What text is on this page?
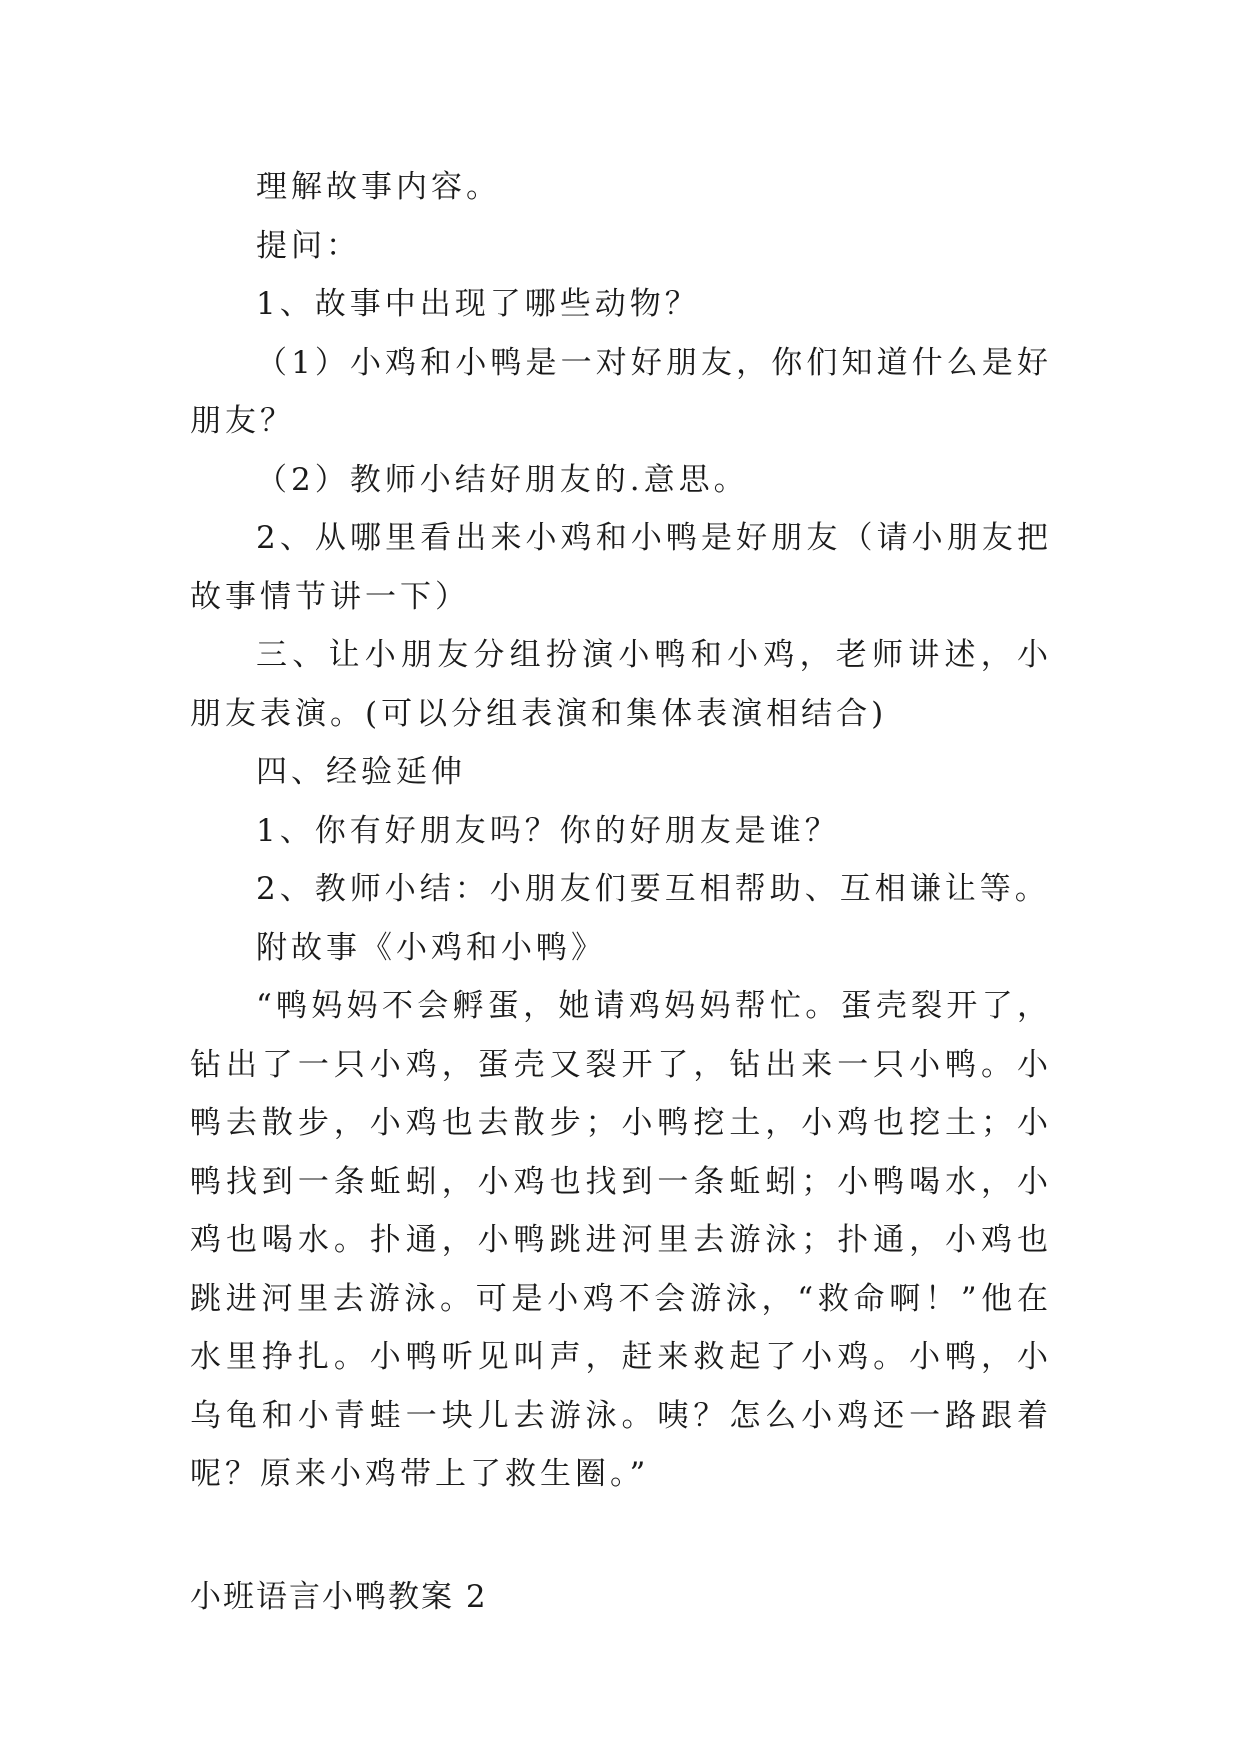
理解故事内容。

提问：

1、故事中出现了哪些动物？

（1）小鸡和小鸭是一对好朋友，你们知道什么是好朋友？

（2）教师小结好朋友的.意思。

2、从哪里看出来小鸡和小鸭是好朋友（请小朋友把故事情节讲一下）

三、让小朋友分组扮演小鸭和小鸡，老师讲述，小朋友表演。(可以分组表演和集体表演相结合)

四、经验延伸

1、你有好朋友吗？你的好朋友是谁？

2、教师小结：小朋友们要互相帮助、互相谦让等。

附故事《小鸡和小鸭》

“鸭妈妈不会孵蛋，她请鸡妈妈帮忙。蛋壳裂开了，钻出了一只小鸡，蛋壳又裂开了，钻出来一只小鸭。小鸭去散步，小鸡也去散步；小鸭挖土，小鸡也挖土；小鸭找到一条蚯蚓，小鸡也找到一条蚯蚓；小鸭喝水，小鸡也喝水。扑通，小鸭跳进河里去游泳；扑通，小鸡也跳进河里去游泳。可是小鸡不会游泳，“救命啊！”他在水里挣扎。小鸭听见叫声，赶来救起了小鸡。小鸭，小乌龟和小青蛙一块儿去游泳。咦？怎么小鸡还一路跟着呢？原来小鸡带上了救生圈。”

小班语言小鸭教案 2
